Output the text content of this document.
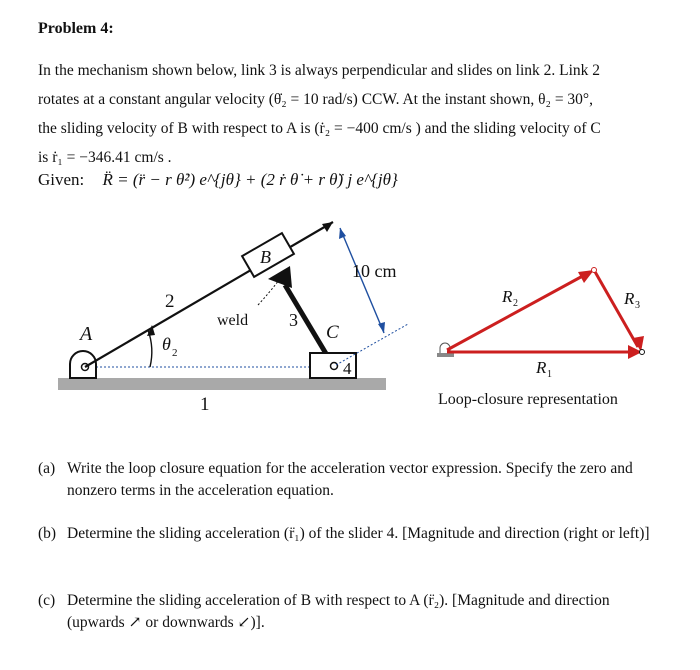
Problem 4:
In the mechanism shown below, link 3 is always perpendicular and slides on link 2. Link 2
rotates at a constant angular velocity (θ̇₂ = 10 rad/s) CCW. At the instant shown, θ₂ = 30°,
the sliding velocity of B with respect to A is (ṙ₂ = −400 cm/s ) and the sliding velocity of C
is ṙ₁ = −346.41 cm/s .
Given: R̈ = (r̈ − r θ̇²) e^{jθ} + (2 ṙ θ̇ + r θ̈) j e^{jθ}
B
A	C
1
2
3
4
θ 2
weld
10 cm
R 2	R 3
R 1
Loop-closure representation
(a) Write the loop closure equation for the acceleration vector expression. Specify the zero and nonzero terms in the acceleration equation.
(b) Determine the sliding acceleration (r̈₁) of the slider 4. [Magnitude and direction (right or left)]
(c) Determine the sliding acceleration of B with respect to A (r̈₂). [Magnitude and direction (upwards ↗ or downwards ↙)].
